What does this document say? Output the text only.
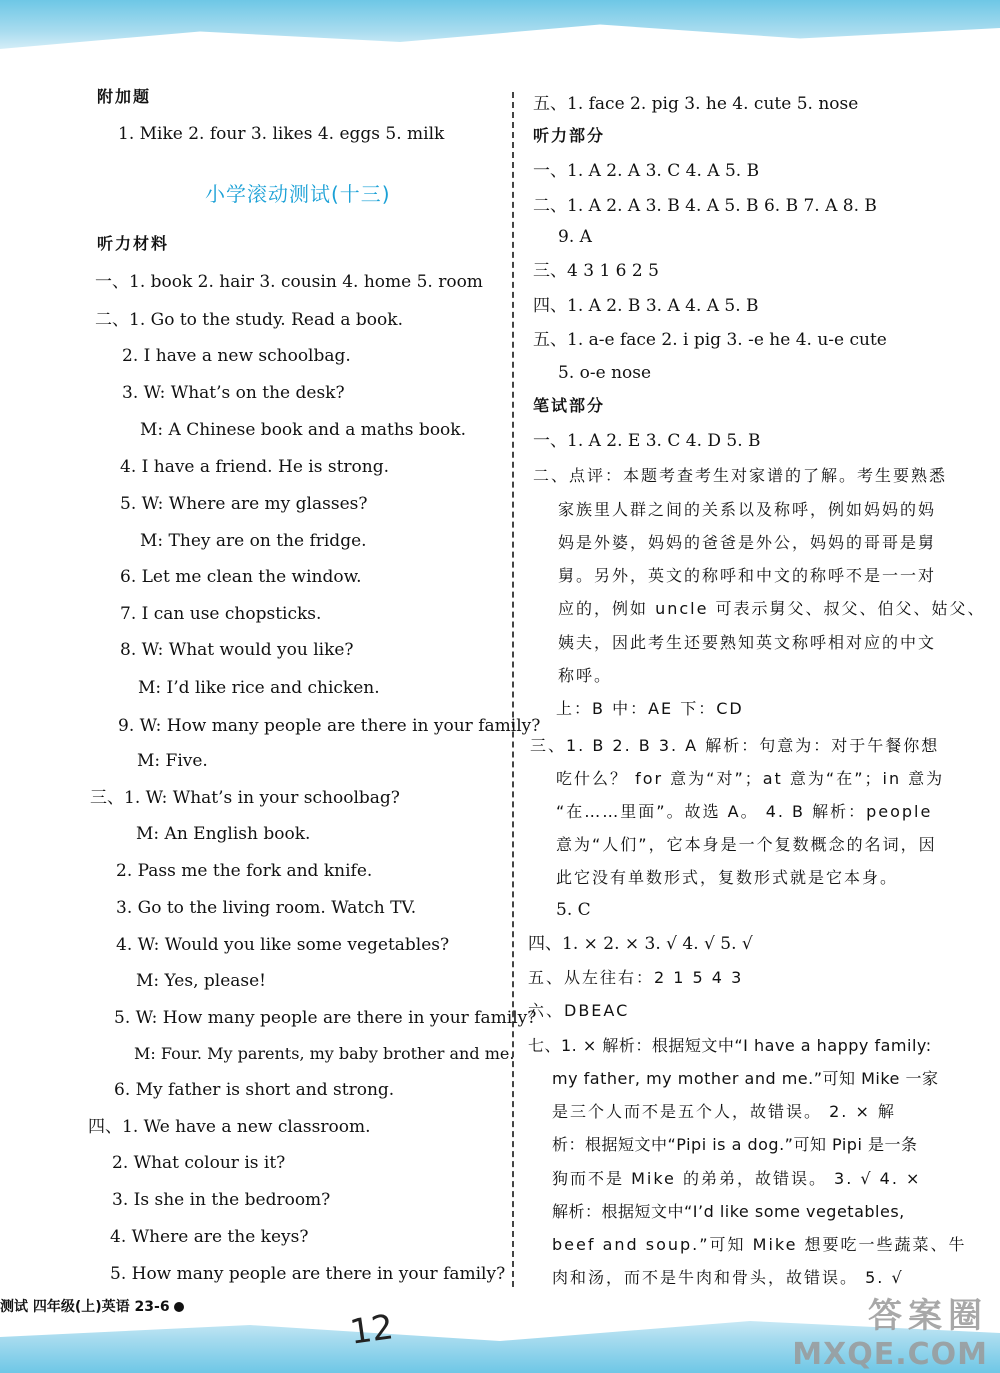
附加题
1. Mike 2. four 3. likes 4. eggs 5. milk
小学滚动测试(十三)
听力材料
一、1. book 2. hair 3. cousin 4. home 5. room
二、1. Go to the study. Read a book.
2. I have a new schoolbag.
3. W: What’s on the desk?
M: A Chinese book and a maths book.
4. I have a friend. He is strong.
5. W: Where are my glasses?
M: They are on the fridge.
6. Let me clean the window.
7. I can use chopsticks.
8. W: What would you like?
M: I’d like rice and chicken.
9. W: How many people are there in your family?
M: Five.
三、1. W: What’s in your schoolbag?
M: An English book.
2. Pass me the fork and knife.
3. Go to the living room. Watch TV.
4. W: Would you like some vegetables?
M: Yes, please!
5. W: How many people are there in your family?
M: Four. My parents, my baby brother and me.
6. My father is short and strong.
四、1. We have a new classroom.
2. What colour is it?
3. Is she in the bedroom?
4. Where are the keys?
5. How many people are there in your family?
五、1. face 2. pig 3. he 4. cute 5. nose
听力部分
一、1. A 2. A 3. C 4. A 5. B
二、1. A 2. A 3. B 4. A 5. B 6. B 7. A 8. B
9. A
三、4 3 1 6 2 5
四、1. A 2. B 3. A 4. A 5. B
五、1. a-e face 2. i pig 3. -e he 4. u-e cute
5. o-e nose
笔试部分
一、1. A 2. E 3. C 4. D 5. B
二、点评：本题考查考生对家谱的了解。考生要熟悉
家族里人群之间的关系以及称呼，例如妈妈的妈
妈是外婆，妈妈的爸爸是外公，妈妈的哥哥是舅
舅。另外，英文的称呼和中文的称呼不是一一对
应的，例如 uncle 可表示舅父、叔父、伯父、姑父、
姨夫，因此考生还要熟知英文称呼相对应的中文
称呼。
上：B 中：AE 下：CD
三、1. B 2. B 3. A 解析：句意为：对于午餐你想
吃什么？ for 意为“对”；at 意为“在”；in 意为
“在……里面”。故选 A。 4. B 解析：people
意为“人们”，它本身是一个复数概念的名词，因
此它没有单数形式，复数形式就是它本身。
5. C
四、1. × 2. × 3. √ 4. √ 5. √
五、从左往右：2 1 5 4 3
六、DBEAC
七、1. × 解析：根据短文中“I have a happy family:
my father, my mother and me.”可知 Mike 一家
是三个人而不是五个人，故错误。 2. × 解
析：根据短文中“Pipi is a dog.”可知 Pipi 是一条
狗而不是 Mike 的弟弟，故错误。 3. √ 4. ×
解析：根据短文中“I’d like some vegetables,
beef and soup.”可知 Mike 想要吃一些蔬菜、牛
肉和汤，而不是牛肉和骨头，故错误。 5. √
测试 四年级(上)英语 23-6
12	答案圈
MXQE.COM
